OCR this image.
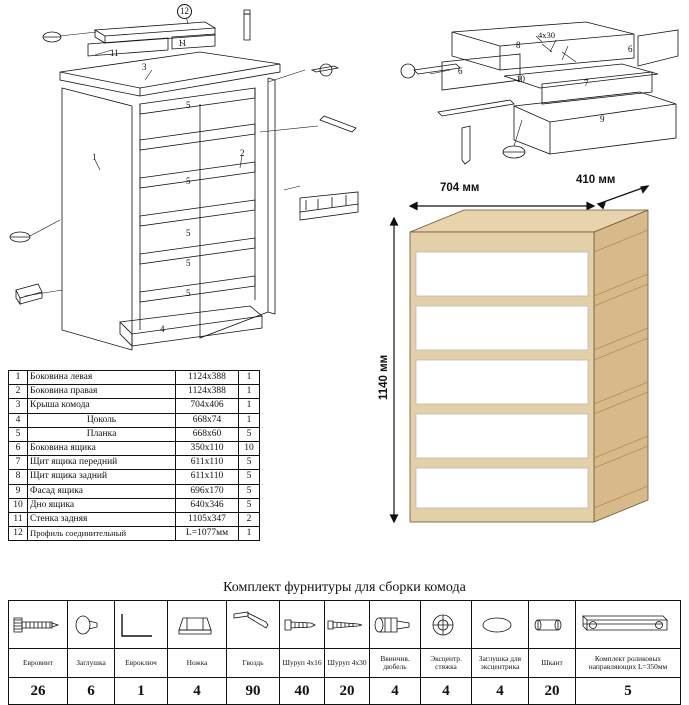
12
11
11
3
5
5
5
5
5
4
1	2
4х30
8
10
6
6
7
9
1	Боковина левая	1124х388	1
2	Боковина правая	1124х388	1
3	Крыша комода	704х406	1
4	Цоколь	668х74	1
5	Планка	668х60	5
6	Боковина ящика	350х110	10
7	Щит ящика передний	611х110	5
8	Щит ящика задний	611х110	5
9	Фасад ящика	696х170	5
10	Дно ящика	640х346	5
11	Стенка задняя	1105х347	2
12	Профиль соединительный	L=1077мм	1
704 мм
410 мм
1140 мм
Комплект фурнитуры для сборки комода

Евровинт	Заглушка	Евроключ	Ножка	Гвоздь	Шуруп 4х16	Шуруп 4х30	Ввинчив. дюбель	Эксцентр. стяжка	Заглушка для эксцентрика	Шкант	Комплект роликовых направляющих L=350мм
26	6	1	4	90	40	20	4	4	4	20	5
